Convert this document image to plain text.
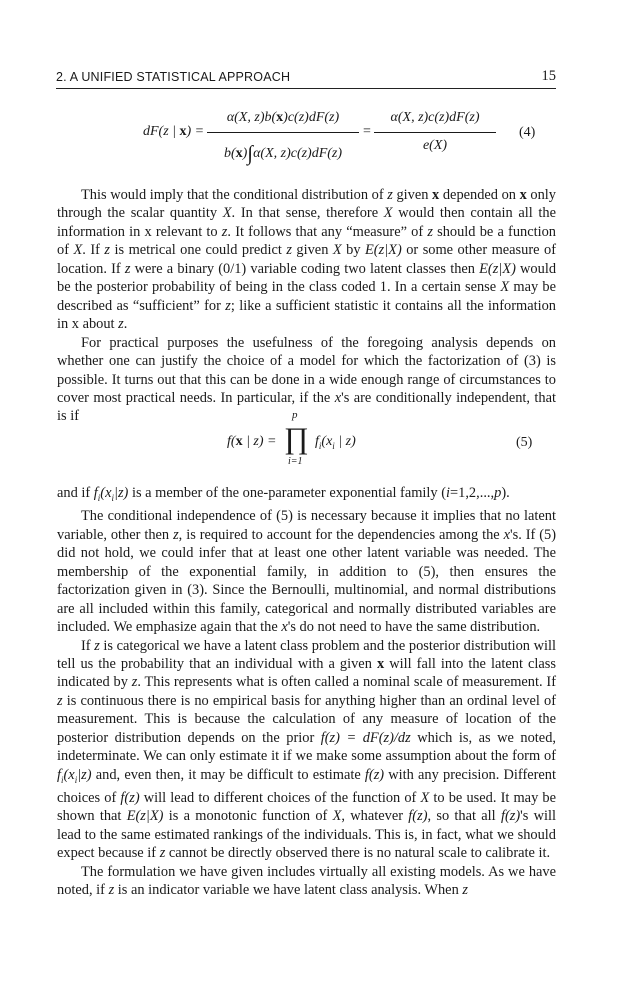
2. A UNIFIED STATISTICAL APPROACH	15
dF(z | x) =
α(X, z)b(x)c(z)dF(z)
b(x)∫α(X, z)c(z)dF(z)
=
α(X, z)c(z)dF(z)
e(X)
(4)

This would imply that the conditional distribution of z given x depended on x only through the scalar quantity X. In that sense, therefore X would then contain all the information in x relevant to z. It follows that any “measure” of z should be a function of X. If z is metrical one could predict z given X by E(z|X) or some other measure of location. If z were a binary (0/1) variable coding two latent classes then E(z|X) would be the posterior probability of being in the class coded 1. In a certain sense X may be described as “sufficient” for z; like a sufficient statistic it contains all the information in x about z.

For practical purposes the usefulness of the foregoing analysis depends on whether one can justify the choice of a model for which the factorization of (3) is possible. It turns out that this can be done in a wide enough range of circumstances to cover most practical needs. In particular, if the x's are conditionally independent, that is if

f(x | z) =
p
∏
i=1
$f_i(x_i$ | z)	(5)

and if $f_i(x_i|z)$ is a member of the one-parameter exponential family (i=1,2,...,p).

The conditional independence of (5) is necessary because it implies that no latent variable, other then z, is required to account for the dependencies among the x's. If (5) did not hold, we could infer that at least one other latent variable was needed. The membership of the exponential family, in addition to (5), then ensures the factorization given in (3). Since the Bernoulli, multinomial, and normal distributions are all included within this family, categorical and normally distributed variables are included. We emphasize again that the x's do not need to have the same distribution.

If z is categorical we have a latent class problem and the posterior distribution will tell us the probability that an individual with a given x will fall into the latent class indicated by z. This represents what is often called a nominal scale of measurement. If z is continuous there is no empirical basis for anything higher than an ordinal level of measurement. This is because the calculation of any measure of location of the posterior distribution depends on the prior f(z) = dF(z)/dz which is, as we noted, indeterminate. We can only estimate it if we make some assumption about the form of $f_i(x_i|z)$ and, even then, it may be difficult to estimate f(z) with any precision. Different choices of f(z) will lead to different choices of the function of X to be used. It may be shown that E(z|X) is a monotonic function of X, whatever f(z), so that all f(z)'s will lead to the same estimated rankings of the individuals. This is, in fact, what we should expect because if z cannot be directly observed there is no natural scale to calibrate it.

The formulation we have given includes virtually all existing models. As we have noted, if z is an indicator variable we have latent class analysis. When z
